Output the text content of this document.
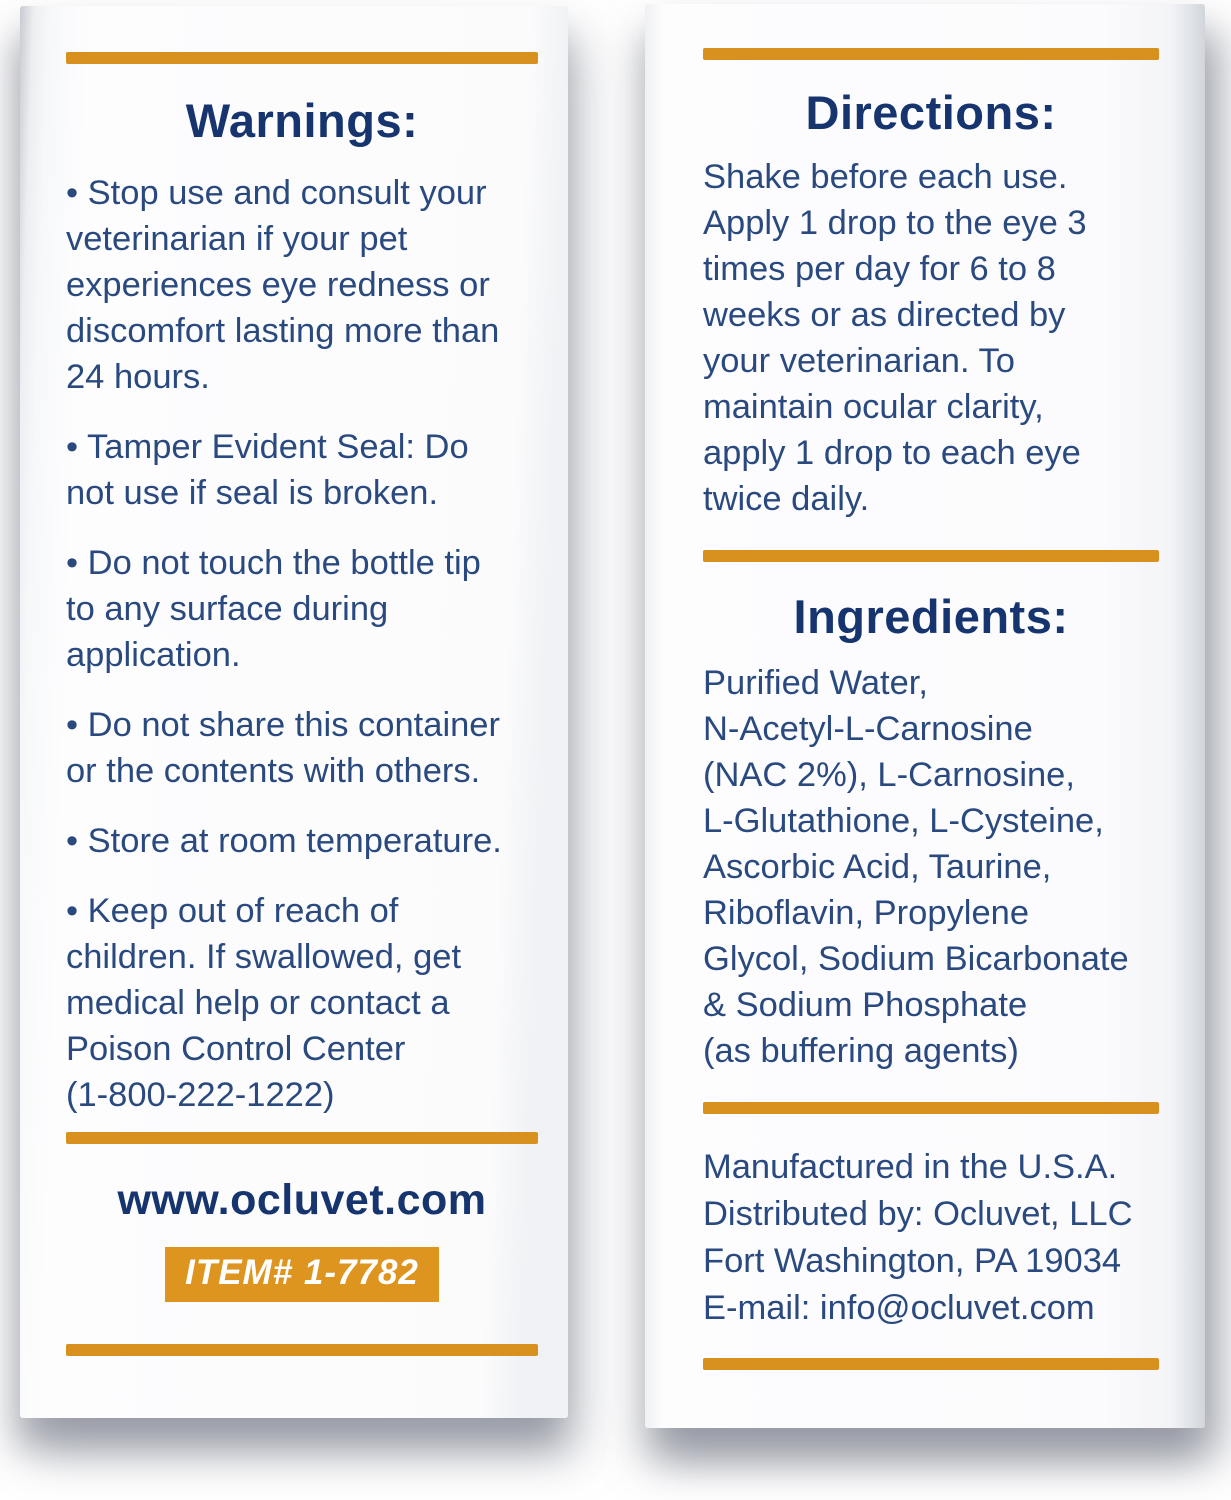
Warnings:
• Stop use and consult your
veterinarian if your pet
experiences eye redness or
discomfort lasting more than
24 hours.
• Tamper Evident Seal: Do
not use if seal is broken.
• Do not touch the bottle tip
to any surface during
application.
• Do not share this container
or the contents with others.
• Store at room temperature.
• Keep out of reach of
children. If swallowed, get
medical help or contact a
Poison Control Center
(1-800-222-1222)
www.ocluvet.com
ITEM# 1-7782
Directions:
Shake before each use.
Apply 1 drop to the eye 3
times per day for 6 to 8
weeks or as directed by
your veterinarian. To
maintain ocular clarity,
apply 1 drop to each eye
twice daily.
Ingredients:
Purified Water,
N-Acetyl-L-Carnosine
(NAC 2%), L-Carnosine,
L-Glutathione, L-Cysteine,
Ascorbic Acid, Taurine,
Riboflavin, Propylene
Glycol, Sodium Bicarbonate
& Sodium Phosphate
(as buffering agents)
Manufactured in the U.S.A.
Distributed by: Ocluvet, LLC
Fort Washington, PA 19034
E-mail: info@ocluvet.com
